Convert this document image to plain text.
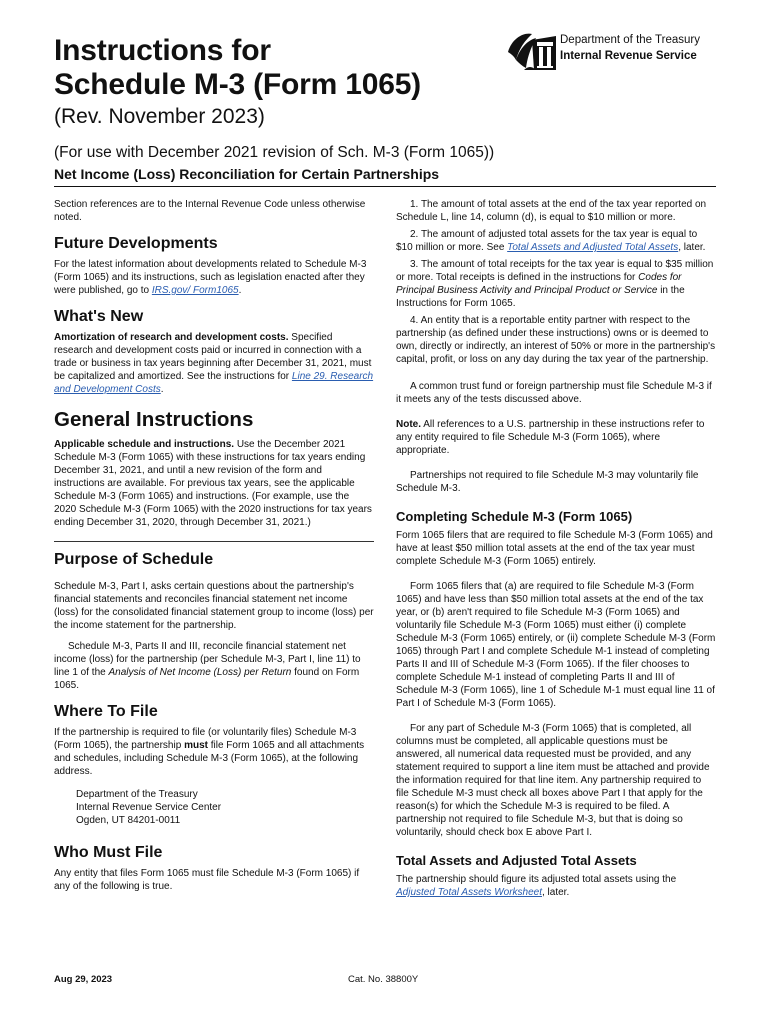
Instructions for
Schedule M-3 (Form 1065)
(Rev. November 2023)
(For use with December 2021 revision of Sch. M-3 (Form 1065))
Net Income (Loss) Reconciliation for Certain Partnerships
Department of the Treasury
Internal Revenue Service

Section references are to the Internal Revenue Code unless otherwise noted.

Future Developments

For the latest information about developments related to Schedule M-3 (Form 1065) and its instructions, such as legislation enacted after they were published, go to IRS.gov/ Form1065.

What's New

Amortization of research and development costs. Specified research and development costs paid or incurred in connection with a trade or business in tax years beginning after December 31, 2021, must be capitalized and amortized. See the instructions for Line 29. Research and Development Costs.

General Instructions

Applicable schedule and instructions. Use the December 2021 Schedule M-3 (Form 1065) with these instructions for tax years ending December 31, 2021, and until a new revision of the form and instructions are available. For previous tax years, see the applicable Schedule M-3 (Form 1065) and instructions. (For example, use the 2020 Schedule M-3 (Form 1065) with the 2020 instructions for tax years ending December 31, 2020, through December 31, 2021.)

Purpose of Schedule

Schedule M-3, Part I, asks certain questions about the partnership's financial statements and reconciles financial statement net income (loss) for the consolidated financial statement group to income (loss) per the income statement for the partnership.

Schedule M-3, Parts II and III, reconcile financial statement net income (loss) for the partnership (per Schedule M-3, Part I, line 11) to line 1 of the Analysis of Net Income (Loss) per Return found on Form 1065.

Where To File

If the partnership is required to file (or voluntarily files) Schedule M-3 (Form 1065), the partnership must file Form 1065 and all attachments and schedules, including Schedule M-3 (Form 1065), at the following address.

Department of the Treasury
Internal Revenue Service Center
Ogden, UT 84201-0011
Who Must File

Any entity that files Form 1065 must file Schedule M-3 (Form 1065) if any of the following is true.

1. The amount of total assets at the end of the tax year reported on Schedule L, line 14, column (d), is equal to $10 million or more.

2. The amount of adjusted total assets for the tax year is equal to $10 million or more. See Total Assets and Adjusted Total Assets, later.

3. The amount of total receipts for the tax year is equal to $35 million or more. Total receipts is defined in the instructions for Codes for Principal Business Activity and Principal Product or Service in the Instructions for Form 1065.

4. An entity that is a reportable entity partner with respect to the partnership (as defined under these instructions) owns or is deemed to own, directly or indirectly, an interest of 50% or more in the partnership's capital, profit, or loss on any day during the tax year of the partnership.

A common trust fund or foreign partnership must file Schedule M-3 if it meets any of the tests discussed above.

Note. All references to a U.S. partnership in these instructions refer to any entity required to file Schedule M-3 (Form 1065), where appropriate.

Partnerships not required to file Schedule M-3 may voluntarily file Schedule M-3.

Completing Schedule M-3 (Form 1065)

Form 1065 filers that are required to file Schedule M-3 (Form 1065) and have at least $50 million total assets at the end of the tax year must complete Schedule M-3 (Form 1065) entirely.

Form 1065 filers that (a) are required to file Schedule M-3 (Form 1065) and have less than $50 million total assets at the end of the tax year, or (b) aren't required to file Schedule M-3 (Form 1065) and voluntarily file Schedule M-3 (Form 1065) must either (i) complete Schedule M-3 (Form 1065) entirely, or (ii) complete Schedule M-3 (Form 1065) through Part I and complete Schedule M-1 instead of completing Parts II and III of Schedule M-3 (Form 1065). If the filer chooses to complete Schedule M-1 instead of completing Parts II and III of Schedule M-3 (Form 1065), line 1 of Schedule M-1 must equal line 11 of Part I of Schedule M-3 (Form 1065).

For any part of Schedule M-3 (Form 1065) that is completed, all columns must be completed, all applicable questions must be answered, all numerical data requested must be provided, and any statement required to support a line item must be attached and provide the information required for that line item. Any partnership required to file Schedule M-3 must check all boxes above Part I that apply for the reason(s) for which the Schedule M-3 is required to be filed. A partnership not required to file Schedule M-3, but that is doing so voluntarily, should check box E above Part I.

Total Assets and Adjusted Total Assets

The partnership should figure its adjusted total assets using the Adjusted Total Assets Worksheet, later.

Aug 29, 2023	Cat. No. 38800Y
